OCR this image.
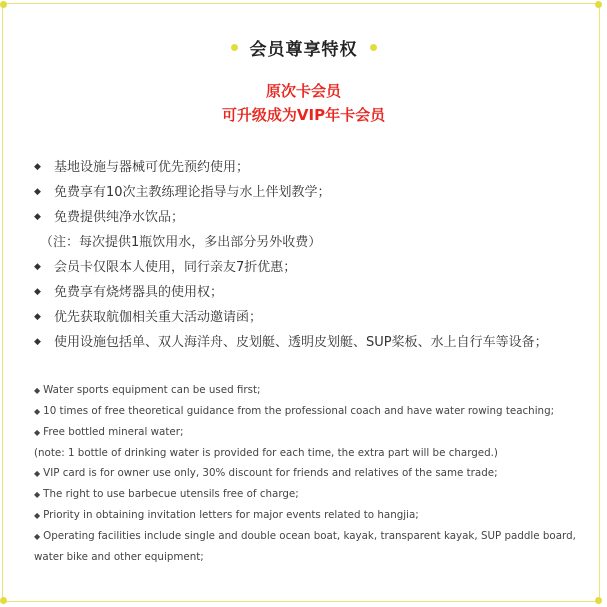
会员尊享特权
原次卡会员
可升级成为VIP年卡会员
◆	基地设施与器械可优先预约使用；
◆	免费享有10次主教练理论指导与水上伴划教学；
◆	免费提供纯净水饮品；
（注：每次提供1瓶饮用水，多出部分另外收费）
◆	会员卡仅限本人使用，同行亲友7折优惠；
◆	免费享有烧烤器具的使用权；
◆	优先获取航伽相关重大活动邀请函；
◆	使用设施包括单、双人海洋舟、皮划艇、透明皮划艇、SUP桨板、水上自行车等设备；
◆ Water sports equipment can be used first;
◆ 10 times of free theoretical guidance from the professional coach and have water rowing teaching;
◆ Free bottled mineral water;
(note: 1 bottle of drinking water is provided for each time, the extra part will be charged.)
◆ VIP card is for owner use only, 30% discount for friends and relatives of the same trade;
◆ The right to use barbecue utensils free of charge;
◆ Priority in obtaining invitation letters for major events related to hangjia;
◆ Operating facilities include single and double ocean boat, kayak, transparent kayak, SUP paddle board, water bike and other equipment;
